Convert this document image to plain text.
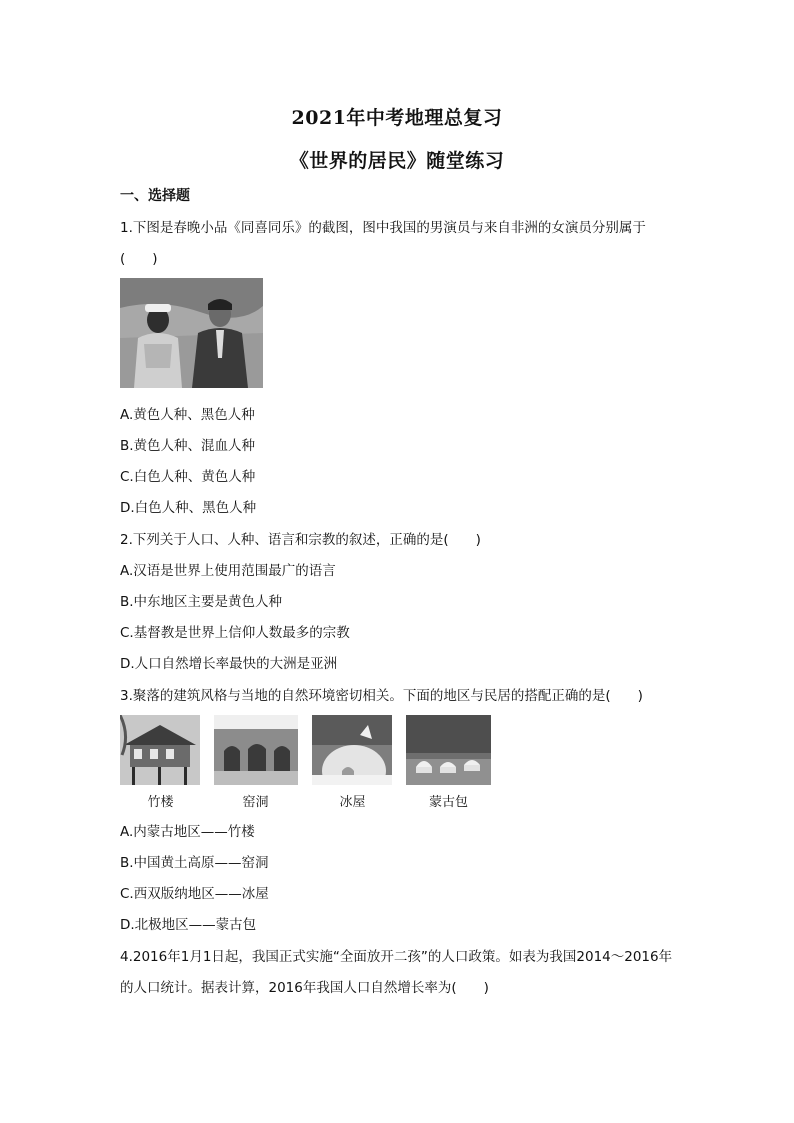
2021年中考地理总复习
《世界的居民》随堂练习
一、选择题
1.下图是春晚小品《同喜同乐》的截图，图中我国的男演员与来自非洲的女演员分别属于
(　　)
A.黄色人种、黑色人种
B.黄色人种、混血人种
C.白色人种、黄色人种
D.白色人种、黑色人种
2.下列关于人口、人种、语言和宗教的叙述，正确的是(　　)
A.汉语是世界上使用范围最广的语言
B.中东地区主要是黄色人种
C.基督教是世界上信仰人数最多的宗教
D.人口自然增长率最快的大洲是亚洲
3.聚落的建筑风格与当地的自然环境密切相关。下面的地区与民居的搭配正确的是(　　)
竹楼	窑洞	冰屋	蒙古包
A.内蒙古地区——竹楼
B.中国黄土高原——窑洞
C.西双版纳地区——冰屋
D.北极地区——蒙古包
4.2016年1月1日起，我国正式实施“全面放开二孩”的人口政策。如表为我国2014～2016年
的人口统计。据表计算，2016年我国人口自然增长率为(　　)
